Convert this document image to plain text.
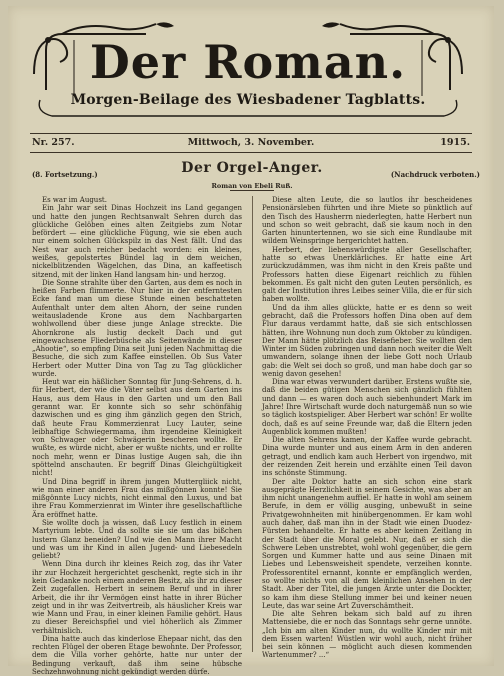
Der Roman.
Morgen-Beilage des Wiesbadener Tagblatts.
Nr. 257.	Mittwoch, 3. November.	1915.
(8. Fortsetzung.)	(Nachdruck verboten.)
Der Orgel-Anger.
Roman von Ebeli Ruß.

Es war im August.

Ein Jahr war seit Dinas Hochzeit ins Land gegangen und hatte den jungen Rechtsanwalt Sehren durch das glückliche Gelöben eines alten Zeitgiebs zum Notar befördert — eine glückliche Fügung, wie sie eben auch nur einem solchen Glückspilz in das Nest fällt. Und das Nest war auch reicher bedacht worden: ein kleines, weißes, gepolstertes Bündel lag in dem weichen, nickelblitzenden Wägelchen, das Dina, an kaffeetisch sitzend, mit der linken Hand langsam hin- und herzog.

Die Sonne strahlte über den Garten, aus dem es noch in heißen Farben flimmerte. Nur hier in der entferntesten Ecke fand man um diese Stunde einen beschatteten Aufenthalt unter dem alten Ahorn, der seine runden weitausladende Krone aus dem Nachbargarten wohlwollend über diese junge Anlage streckte. Die Ahornkrone als lustig deckelt Dach und gut eingewachsene Fliederbüsche als Seitenwände in dieser „Ahootie“, so empfing Dina seit Juni jeden Nachmittag die Besuche, die sich zum Kaffee einstellen. Ob Sus Vater Herbert oder Mutter Dina von Tag zu Tag glücklicher wurde.

Heut war ein häßlicher Sonntag für Jung-Sehrens, d. h. für Herbert, der wie die Väter selbst aus dem Garten ins Haus, aus dem Haus in den Garten und um den Ball gerannt war. Er konnte sich so sehr schönfähig dazwischen und es ging ihm gänzlich gegen den Strich, daß heute Frau Kommerzienrat Lucy Lauter, seine leibhaftige Schwiegermama, ihm irgendeine Kleinigkeit von Schwager oder Schwägerin bescheren wollte. Er wußte, es würde nicht, aber er wußte nichts, und er rollte noch mehr, wenn er Dinas lustige Augen sah, die ihn spöttelnd anschauten. Er begriff Dinas Gleichgültigkeit nicht!

Und Dina begriff in ihrem jungen Muttergliick nicht, wie man einer anderen Frau das mißgönnen konnte! Sie mißgönnte Lucy nichts, nicht einmal den Luxus, und bat ihre Frau Kommerzienrat im Winter ihre gesellschaftliche Ära eröffnet hatte.

Sie wollte doch ja wissen, daß Lucy festlich in einem Martyrium lebte. Und da sollte sie sie um das bißchen lustern Glanz beneiden? Und wie den Mann ihrer Macht und was um ihr Kind in allen Jugend- und Liebesedeln geliebt?

Wenn Dina durch ihr kleines Reich zog, das ihr Vater ihr zur Hochzeit hergerichtet geschenkt, regte sich in ihr kein Gedanke noch einem anderen Besitz, als ihr zu dieser Zeit zugefallen. Herbert in seinem Beruf und in ihrer Arbeit, die ihr ihr Vermögen einst hatte in ihrer Bücher zeigt und in ihr was Zeitvertreib, als häuslicher Kreis war wie Mann und Frau, in einer kleinen Familie gehört. Haus zu dieser Bereichspfiel und viel höherlich als Zimmer verhältnislich.

Dina hatte auch das kinderlose Ehepaar nicht, das den rechten Flügel der oberen Etage bewohnte. Der Professor, dem die Villa vorher gehörte, hatte nur unter der Bedingung verkauft, daß ihm seine hübsche Sechzehnwohnung nicht gekündigt werden dürfe.

Diese alten Leute, die so lautlos ihr bescheidenes Pensionärsleben führten und ihre Miete so pünktlich auf den Tisch des Hausherrn niederlegten, hatte Herbert nun und schon so weit gebracht, daß sie kaum noch in den Garten hinuntertennen, wo sie sich eine Rundlaube mit wildem Weinspringe hergerichtet hatten.

Herbert, der liebenswürdigste aller Gesellschafter, hatte so etwas Unerklärliches. Er hatte eine Art zurückzudämmen, was ihm nicht in den Kreis paßte und Professors hatten diese Eigenart reichlich zu fühlen bekommen. Es galt nicht den guten Leuten persönlich, es galt der Institution ihres Leibes seiner Villa, die er für sich haben wollte.

Und da ihm alles glückte, hatte er es denn so weit gebracht, daß die Professors hoffen Dina oben auf dem Flur daraus verdammt hatte, daß sie sich entschlossen hätten, ihre Wohnung nun doch zum Oktober zu kündigen. Der Mann hätte plötzlich das Reisefieber. Sie wollten den Winter im Süden zubringen und dann noch weiter die Welt umwandern, solange ihnen der liebe Gott noch Urlaub gab: die Welt sei doch so groß, und man habe doch gar so wenig davon gesehen!

Dina war etwas verwundert darüber. Erstens wußte sie, daß die beiden gütigen Menschen sich gänzlich fühlten und dann — es waren doch auch siebenhundert Mark im Jahre! Ihre Wirtschaft wurde doch naturgemäß nun so wie so täglich kostspieliger. Aber Herbert war schön! Er wollte doch, daß es auf seine Freunde war, daß die Eltern jeden Augenblick kommen mußten!

Die alten Sehrens kamen, der Kaffee wurde gebracht. Dina wurde munter und aus einem Arm in den anderen getragt, und endlich kam auch Herbert von irgendwo, mit der reizenden Zeit herein und erzählte einen Teil davon ins schönste Stimmung.

Der alte Doktor hatte an sich schon eine stark ausgeprägte Herzlichkeit in seinem Gesichte, was aber an ihm nicht unangenehm auffiel. Er hatte in wohl am seinem Berufe, in dem er völlig ausging, unbewußt in seine Privatgewohnheiten mit hinübergenommen. Er kam wohl auch daher, daß man ihn in der Stadt wie einen Duodez-Fürsten behandelte. Er hatte es aber keinen Zeitlang in der Stadt über die Moral gelebt. Nur, daß er sich die Schwere Leben unstrebtet, wohl wohl gegenüber, die gern Sorgen und Kummer hatte und aus seine Dinaen mit Liebes und Lebensweisheit spendete, verzeihen konnte. Professorentitel ernannt, konnte er empfänglich werden, so wollte nichts von all dem kleinlichen Ansehen in der Stadt. Aber der Titel, die jungen Ärzte unter die Dockter, so kam ihm diese Stellung immer bei und keiner neuen Leute, das war seine Art Zuverschämtheit.

Die alte Sehren bekam sich bald auf zu ihren Mattensiebe, die er noch das Sonntags sehr gerne unnöte. „Ich bin am alten Kinder nun, du wollte Kinder mir mit dem Essen warten! Wüstlen wir wohl auch, nicht früher bei sein können — möglicht auch diesen kommenden Wartenummer? ...“
